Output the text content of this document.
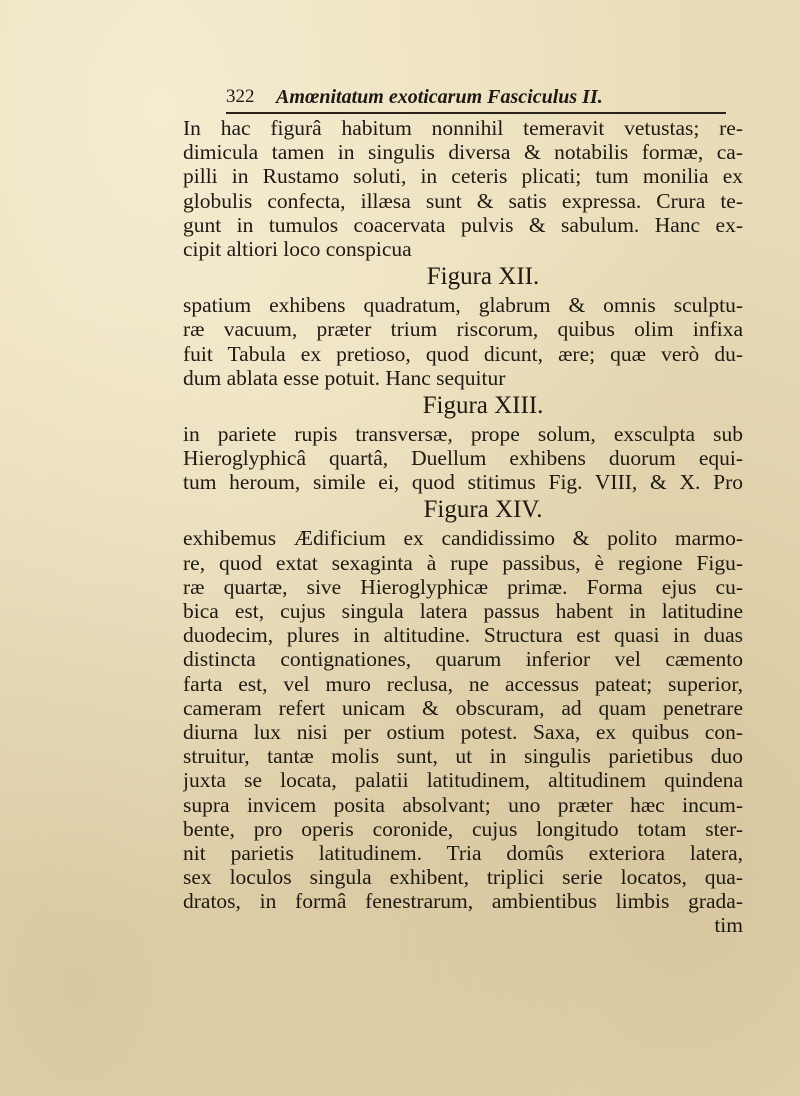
322 Amœnitatum exoticarum Fasciculus II.
In hac figurâ habitum nonnihil temeravit vetustas; re-
dimicula tamen in singulis diversa & notabilis formæ, ca-
pilli in Rustamo soluti, in ceteris plicati; tum monilia ex
globulis confecta, illæsa sunt & satis expressa. Crura te-
gunt in tumulos coacervata pulvis & sabulum. Hanc ex-
cipit altiori loco conspicua
Figura XII.
spatium exhibens quadratum, glabrum & omnis sculptu-
ræ vacuum, præter trium riscorum, quibus olim infixa
fuit Tabula ex pretioso, quod dicunt, ære; quæ verò du-
dum ablata esse potuit. Hanc sequitur
Figura XIII.
in pariete rupis transversæ, prope solum, exsculpta sub
Hieroglyphicâ quartâ, Duellum exhibens duorum equi-
tum heroum, simile ei, quod stitimus Fig. VIII, & X. Pro
Figura XIV.
exhibemus Ædificium ex candidissimo & polito marmo-
re, quod extat sexaginta à rupe passibus, è regione Figu-
ræ quartæ, sive Hieroglyphicæ primæ. Forma ejus cu-
bica est, cujus singula latera passus habent in latitudine
duodecim, plures in altitudine. Structura est quasi in duas
distincta contignationes, quarum inferior vel cæmento
farta est, vel muro reclusa, ne accessus pateat; superior,
cameram refert unicam & obscuram, ad quam penetrare
diurna lux nisi per ostium potest. Saxa, ex quibus con-
struitur, tantæ molis sunt, ut in singulis parietibus duo
juxta se locata, palatii latitudinem, altitudinem quindena
supra invicem posita absolvant; uno præter hæc incum-
bente, pro operis coronide, cujus longitudo totam ster-
nit parietis latitudinem. Tria domûs exteriora latera,
sex loculos singula exhibent, triplici serie locatos, qua-
dratos, in formâ fenestrarum, ambientibus limbis grada-
tim
